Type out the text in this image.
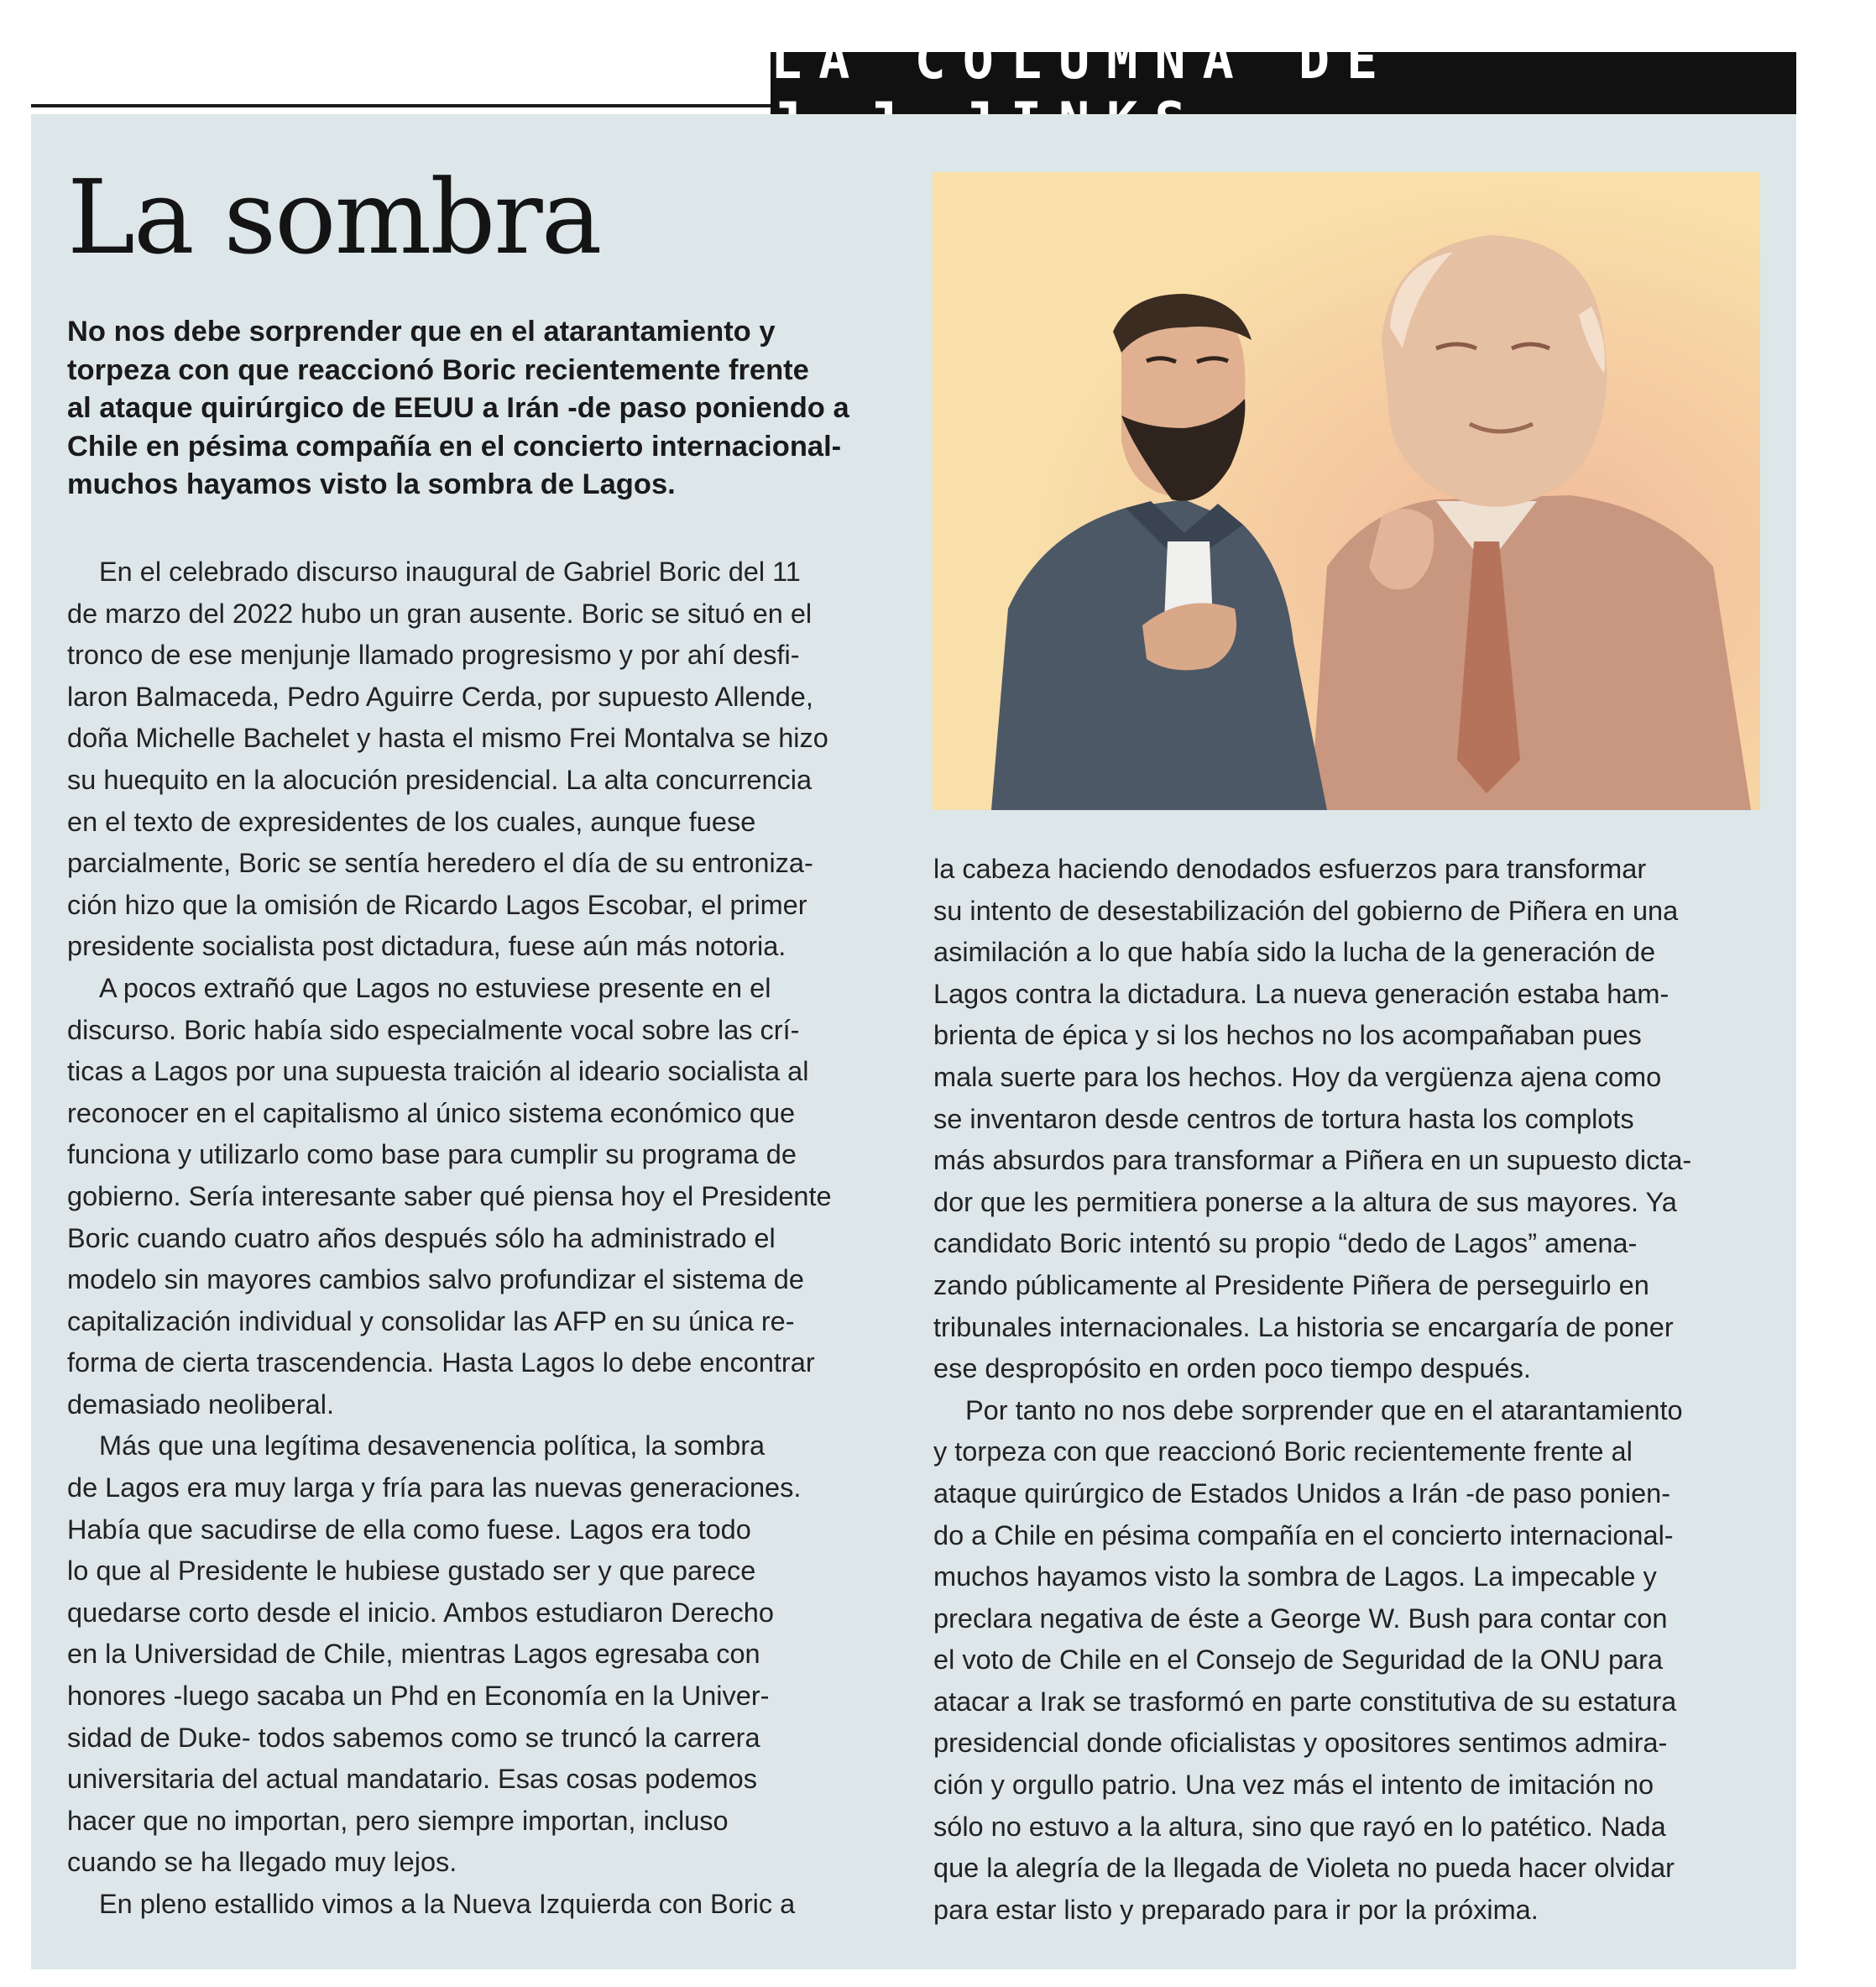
LA COLUMNA DE
La sombra

No nos debe sorprender que en el atarantamiento y
torpeza con que reaccionó Boric recientemente frente
al ataque quirúrgico de EEUU a Irán -de paso poniendo a
Chile en pésima compañía en el concierto internacional-
muchos hayamos visto la sombra de Lagos.

En el celebrado discurso inaugural de Gabriel Boric del 11
de marzo del 2022 hubo un gran ausente. Boric se situó en el
tronco de ese menjunje llamado progresismo y por ahí desfi-
laron Balmaceda, Pedro Aguirre Cerda, por supuesto Allende,
doña Michelle Bachelet y hasta el mismo Frei Montalva se hizo
su huequito en la alocución presidencial. La alta concurrencia
en el texto de expresidentes de los cuales, aunque fuese
parcialmente, Boric se sentía heredero el día de su entroniza-
ción hizo que la omisión de Ricardo Lagos Escobar, el primer
presidente socialista post dictadura, fuese aún más notoria.
A pocos extrañó que Lagos no estuviese presente en el
discurso. Boric había sido especialmente vocal sobre las crí-
ticas a Lagos por una supuesta traición al ideario socialista al
reconocer en el capitalismo al único sistema económico que
funciona y utilizarlo como base para cumplir su programa de
gobierno. Sería interesante saber qué piensa hoy el Presidente
Boric cuando cuatro años después sólo ha administrado el
modelo sin mayores cambios salvo profundizar el sistema de
capitalización individual y consolidar las AFP en su única re-
forma de cierta trascendencia. Hasta Lagos lo debe encontrar
demasiado neoliberal.
Más que una legítima desavenencia política, la sombra
de Lagos era muy larga y fría para las nuevas generaciones.
Había que sacudirse de ella como fuese. Lagos era todo
lo que al Presidente le hubiese gustado ser y que parece
quedarse corto desde el inicio. Ambos estudiaron Derecho
en la Universidad de Chile, mientras Lagos egresaba con
honores -luego sacaba un Phd en Economía en la Univer-
sidad de Duke- todos sabemos como se truncó la carrera
universitaria del actual mandatario. Esas cosas podemos
hacer que no importan, pero siempre importan, incluso
cuando se ha llegado muy lejos.
En pleno estallido vimos a la Nueva Izquierda con Boric a
la cabeza haciendo denodados esfuerzos para transformar
su intento de desestabilización del gobierno de Piñera en una
asimilación a lo que había sido la lucha de la generación de
Lagos contra la dictadura. La nueva generación estaba ham-
brienta de épica y si los hechos no los acompañaban pues
mala suerte para los hechos. Hoy da vergüenza ajena como
se inventaron desde centros de tortura hasta los complots
más absurdos para transformar a Piñera en un supuesto dicta-
dor que les permitiera ponerse a la altura de sus mayores. Ya
candidato Boric intentó su propio “dedo de Lagos” amena-
zando públicamente al Presidente Piñera de perseguirlo en
tribunales internacionales. La historia se encargaría de poner
ese despropósito en orden poco tiempo después.
Por tanto no nos debe sorprender que en el atarantamiento
y torpeza con que reaccionó Boric recientemente frente al
ataque quirúrgico de Estados Unidos a Irán -de paso ponien-
do a Chile en pésima compañía en el concierto internacional-
muchos hayamos visto la sombra de Lagos. La impecable y
preclara negativa de éste a George W. Bush para contar con
el voto de Chile en el Consejo de Seguridad de la ONU para
atacar a Irak se trasformó en parte constitutiva de su estatura
presidencial donde oficialistas y opositores sentimos admira-
ción y orgullo patrio. Una vez más el intento de imitación no
sólo no estuvo a la altura, sino que rayó en lo patético. Nada
que la alegría de la llegada de Violeta no pueda hacer olvidar
para estar listo y preparado para ir por la próxima.
